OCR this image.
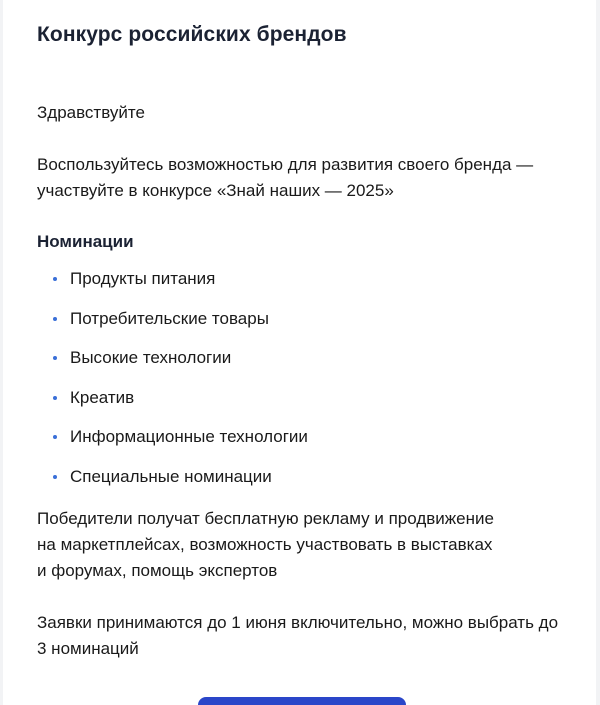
Конкурс российских брендов

Здравствуйте

Воспользуйтесь возможностью для развития своего бренда — участвуйте в конкурсе «Знай наших — 2025»

Номинации
Продукты питания
Потребительские товары
Высокие технологии
Креатив
Информационные технологии
Специальные номинации

Победители получат бесплатную рекламу и продвижение
на маркетплейсах, возможность участвовать в выставках
и форумах, помощь экспертов

Заявки принимаются до 1 июня включительно, можно выбрать до 3 номинаций
